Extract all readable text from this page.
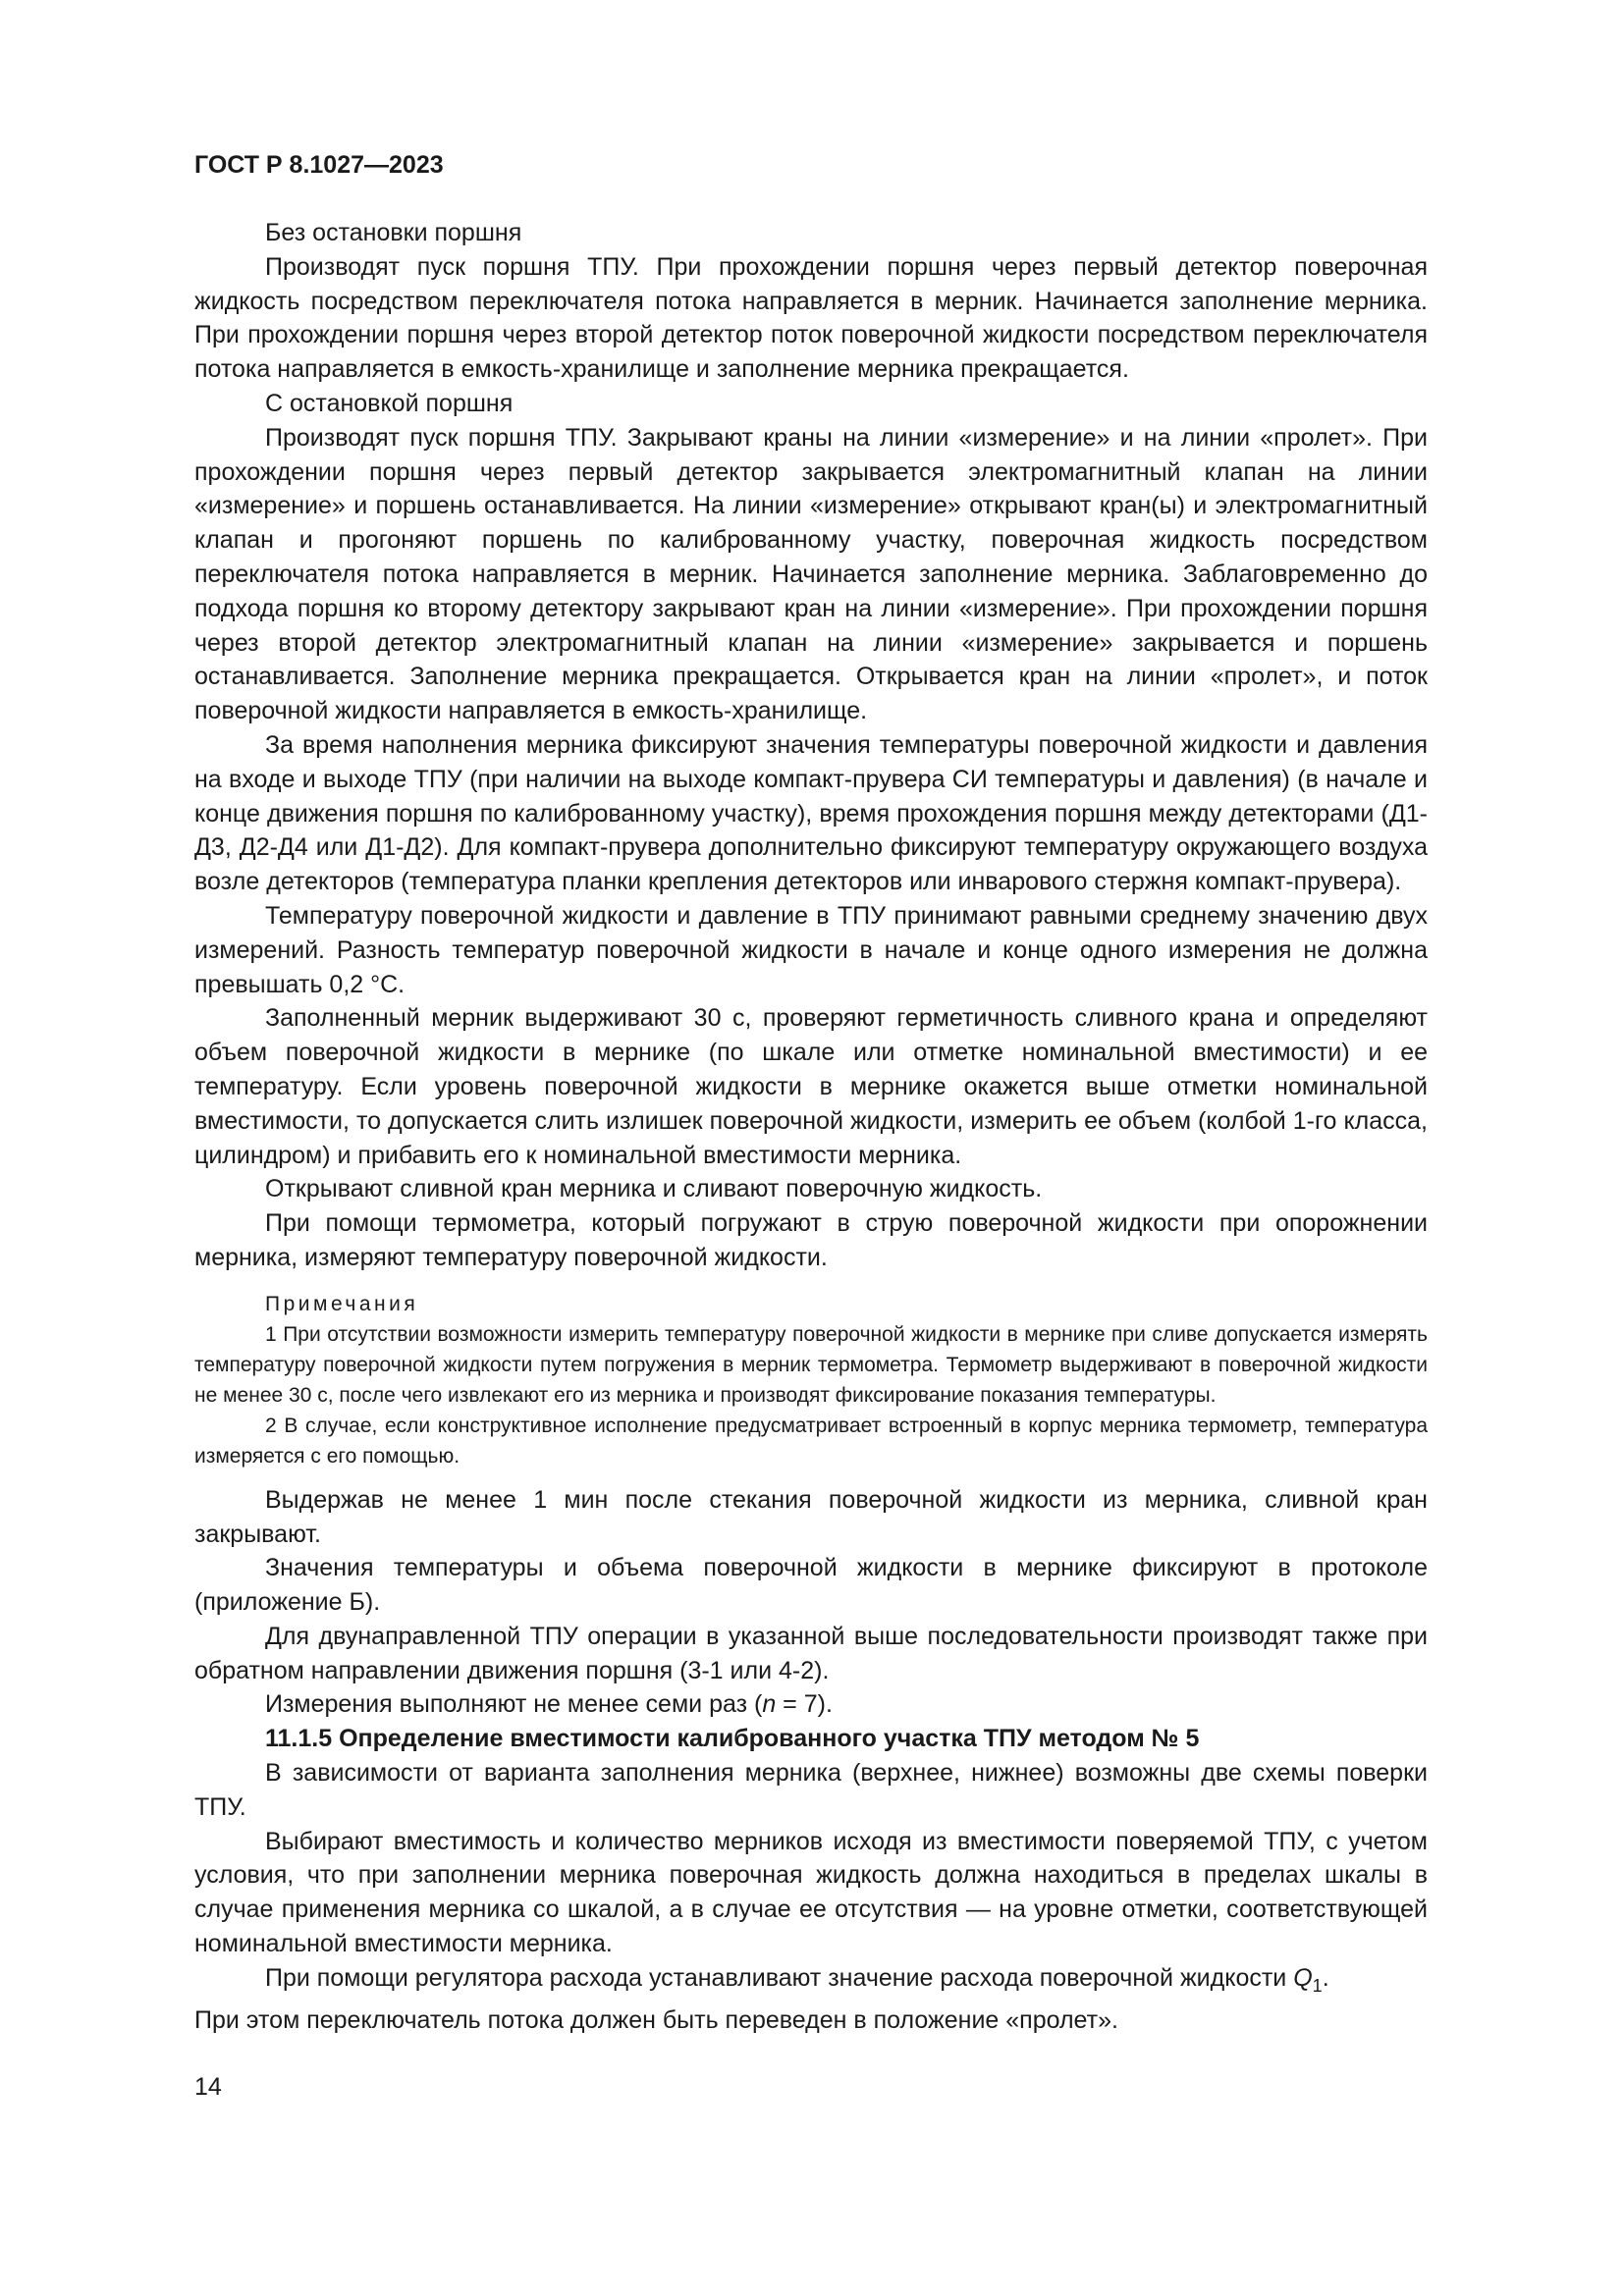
ГОСТ Р 8.1027—2023

Без остановки поршня

Производят пуск поршня ТПУ. При прохождении поршня через первый детектор поверочная жидкость посредством переключателя потока направляется в мерник. Начинается заполнение мерника. При прохождении поршня через второй детектор поток поверочной жидкости посредством переключателя потока направляется в емкость-хранилище и заполнение мерника прекращается.

С остановкой поршня

Производят пуск поршня ТПУ. Закрывают краны на линии «измерение» и на линии «пролет». При прохождении поршня через первый детектор закрывается электромагнитный клапан на линии «измерение» и поршень останавливается. На линии «измерение» открывают кран(ы) и электромагнитный клапан и прогоняют поршень по калиброванному участку, поверочная жидкость посредством переключателя потока направляется в мерник. Начинается заполнение мерника. Заблаговременно до подхода поршня ко второму детектору закрывают кран на линии «измерение». При прохождении поршня через второй детектор электромагнитный клапан на линии «измерение» закрывается и поршень останавливается. Заполнение мерника прекращается. Открывается кран на линии «пролет», и поток поверочной жидкости направляется в емкость-хранилище.

За время наполнения мерника фиксируют значения температуры поверочной жидкости и давления на входе и выходе ТПУ (при наличии на выходе компакт-прувера СИ температуры и давления) (в начале и конце движения поршня по калиброванному участку), время прохождения поршня между детекторами (Д1-Д3, Д2-Д4 или Д1-Д2). Для компакт-прувера дополнительно фиксируют температуру окружающего воздуха возле детекторов (температура планки крепления детекторов или инварового стержня компакт-прувера).

Температуру поверочной жидкости и давление в ТПУ принимают равными среднему значению двух измерений. Разность температур поверочной жидкости в начале и конце одного измерения не должна превышать 0,2 °С.

Заполненный мерник выдерживают 30 с, проверяют герметичность сливного крана и определяют объем поверочной жидкости в мернике (по шкале или отметке номинальной вместимости) и ее температуру. Если уровень поверочной жидкости в мернике окажется выше отметки номинальной вместимости, то допускается слить излишек поверочной жидкости, измерить ее объем (колбой 1-го класса, цилиндром) и прибавить его к номинальной вместимости мерника.

Открывают сливной кран мерника и сливают поверочную жидкость.

При помощи термометра, который погружают в струю поверочной жидкости при опорожнении мерника, измеряют температуру поверочной жидкости.

Примечания

1 При отсутствии возможности измерить температуру поверочной жидкости в мернике при сливе допускается измерять температуру поверочной жидкости путем погружения в мерник термометра. Термометр выдерживают в поверочной жидкости не менее 30 с, после чего извлекают его из мерника и производят фиксирование показания температуры.

2 В случае, если конструктивное исполнение предусматривает встроенный в корпус мерника термометр, температура измеряется с его помощью.

Выдержав не менее 1 мин после стекания поверочной жидкости из мерника, сливной кран закрывают.

Значения температуры и объема поверочной жидкости в мернике фиксируют в протоколе (приложение Б).

Для двунаправленной ТПУ операции в указанной выше последовательности производят также при обратном направлении движения поршня (3-1 или 4-2).

Измерения выполняют не менее семи раз (n = 7).

11.1.5 Определение вместимости калиброванного участка ТПУ методом № 5

В зависимости от варианта заполнения мерника (верхнее, нижнее) возможны две схемы поверки ТПУ.

Выбирают вместимость и количество мерников исходя из вместимости поверяемой ТПУ, с учетом условия, что при заполнении мерника поверочная жидкость должна находиться в пределах шкалы в случае применения мерника со шкалой, а в случае ее отсутствия — на уровне отметки, соответствующей номинальной вместимости мерника.

При помощи регулятора расхода устанавливают значение расхода поверочной жидкости $Q_1$.

При этом переключатель потока должен быть переведен в положение «пролет».

14
